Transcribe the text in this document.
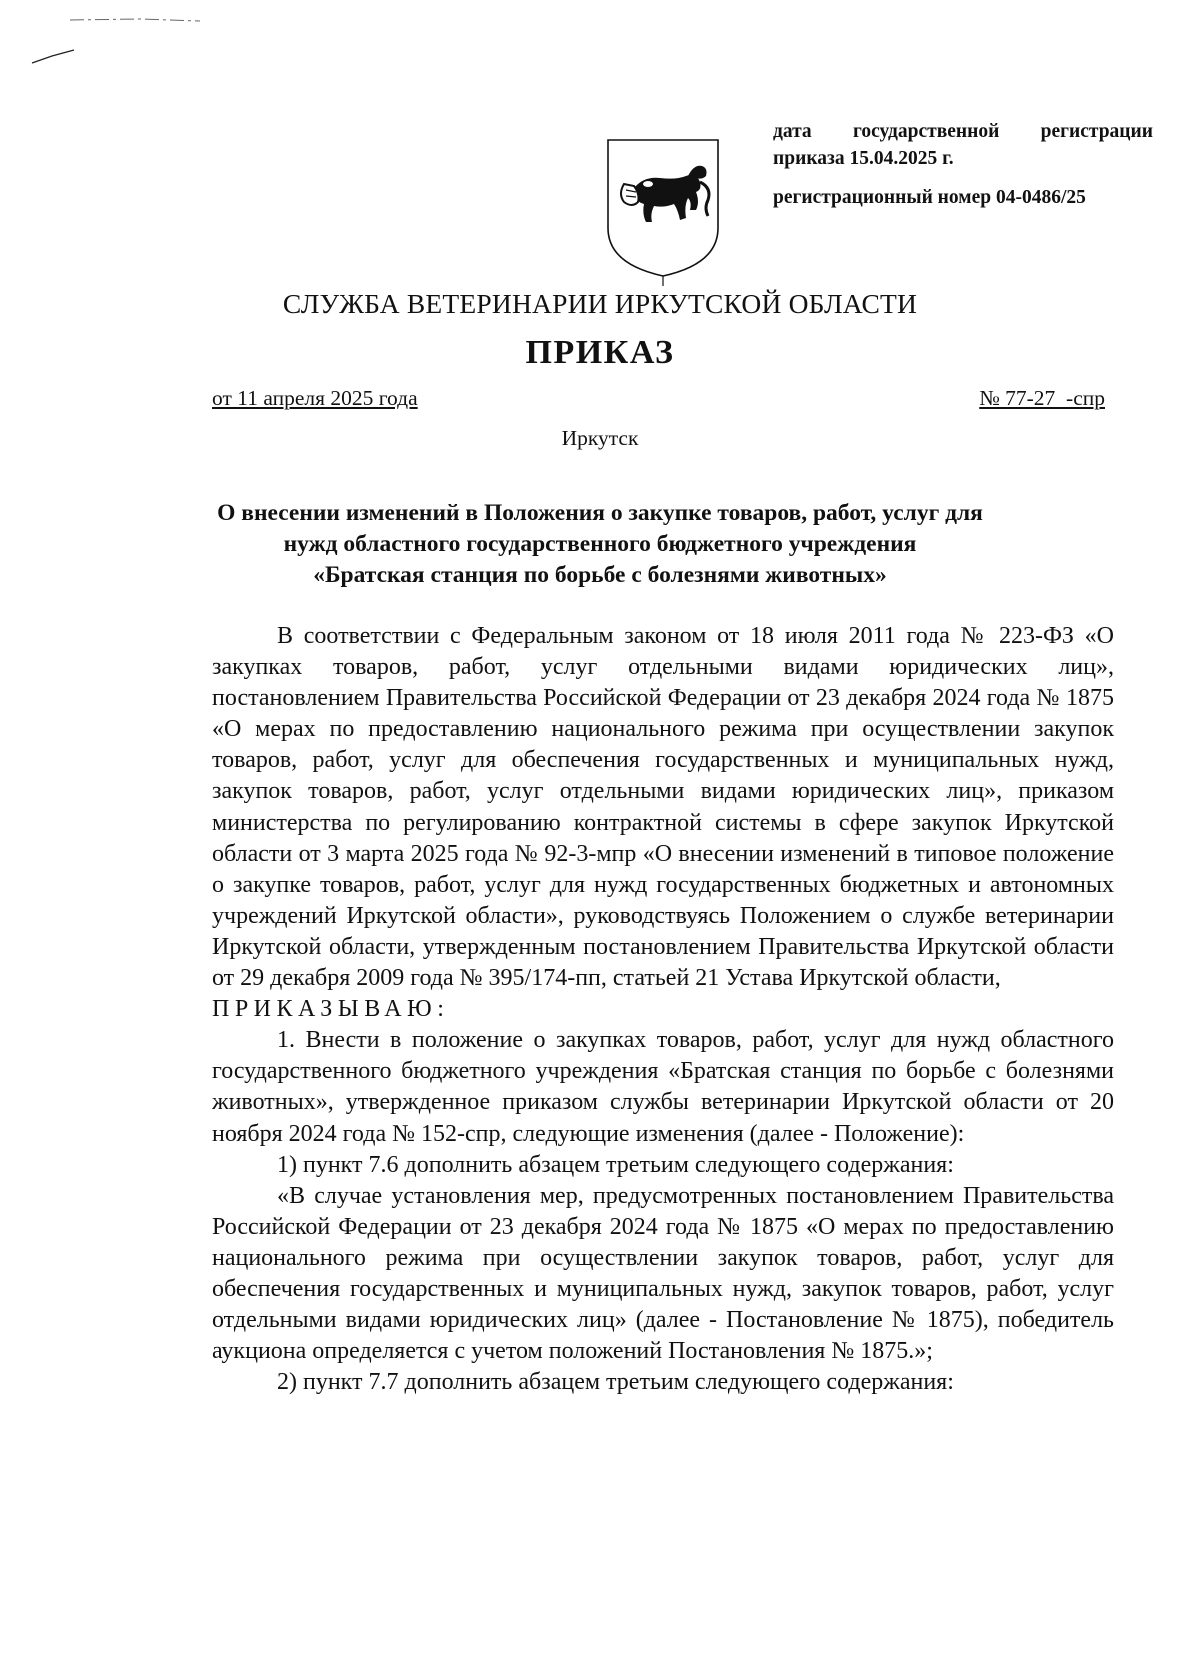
дата государственной регистрации
приказа 15.04.2025 г.
регистрационный номер 04-0486/25
СЛУЖБА ВЕТЕРИНАРИИ ИРКУТСКОЙ ОБЛАСТИ
ПРИКАЗ
от 11 апреля 2025 года	№ 77-27  -спр
Иркутск
О внесении изменений в Положения о закупке товаров, работ, услуг для
нужд областного государственного бюджетного учреждения
«Братская станция по борьбе с болезнями животных»

В соответствии с Федеральным законом от 18 июля 2011 года № 223-ФЗ «О закупках товаров, работ, услуг отдельными видами юридических лиц», постановлением Правительства Российской Федерации от 23 декабря 2024 года № 1875 «О мерах по предоставлению национального режима при осуществлении закупок товаров, работ, услуг для обеспечения государственных и муниципальных нужд, закупок товаров, работ, услуг отдельными видами юридических лиц», приказом министерства по регулированию контрактной системы в сфере закупок Иркутской области от 3 марта 2025 года № 92-3-мпр «О внесении изменений в типовое положение о закупке товаров, работ, услуг для нужд государственных бюджетных и автономных учреждений Иркутской области», руководствуясь Положением о службе ветеринарии Иркутской области, утвержденным постановлением Правительства Иркутской области от 29 декабря 2009 года № 395/174-пп, статьей 21 Устава Иркутской области,

ПРИКАЗЫВАЮ:

1. Внести в положение о закупках товаров, работ, услуг для нужд областного государственного бюджетного учреждения «Братская станция по борьбе с болезнями животных», утвержденное приказом службы ветеринарии Иркутской области от 20 ноября 2024 года № 152-спр, следующие изменения (далее - Положение):

1) пункт 7.6 дополнить абзацем третьим следующего содержания:

«В случае установления мер, предусмотренных постановлением Правительства Российской Федерации от 23 декабря 2024 года № 1875 «О мерах по предоставлению национального режима при осуществлении закупок товаров, работ, услуг для обеспечения государственных и муниципальных нужд, закупок товаров, работ, услуг отдельными видами юридических лиц» (далее - Постановление № 1875), победитель аукциона определяется с учетом положений Постановления № 1875.»;

2) пункт 7.7 дополнить абзацем третьим следующего содержания:
